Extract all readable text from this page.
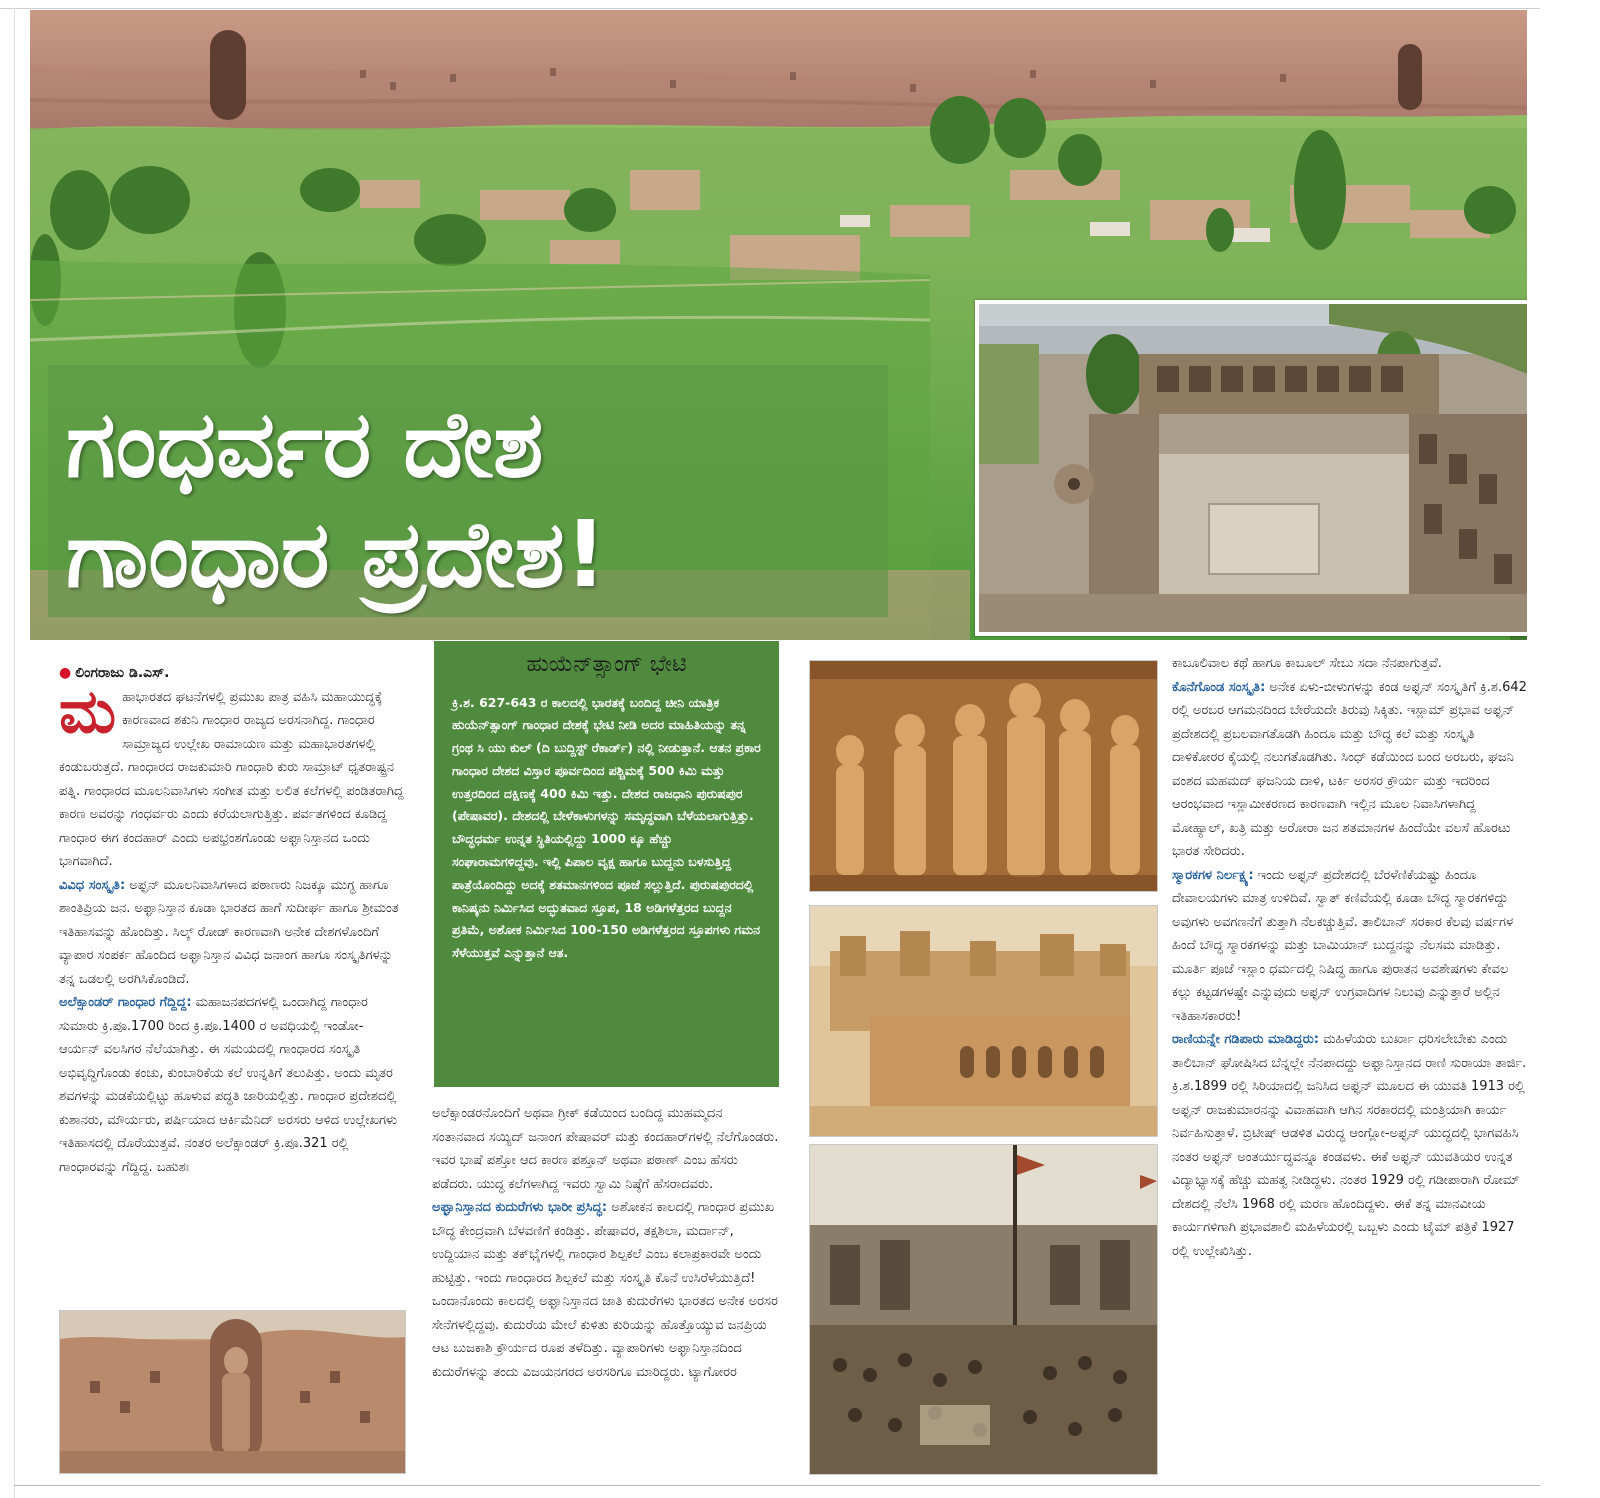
ಗಂಧರ್ವರ ದೇಶ
ಗಾಂಧಾರ ಪ್ರದೇಶ!

● ಲಿಂಗರಾಜು ಡಿ.ಎಸ್.

ಮಹಾಭಾರತದ ಘಟನೆಗಳಲ್ಲಿ ಪ್ರಮುಖ ಪಾತ್ರ ವಹಿಸಿ ಮಹಾಯುದ್ಧಕ್ಕೆ ಕಾರಣವಾದ ಶಕುನಿ ಗಾಂಧಾರ ರಾಜ್ಯದ ಅರಸನಾಗಿದ್ದ. ಗಾಂಧಾರ ಸಾಮ್ರಾಜ್ಯದ ಉಲ್ಲೇಖ ರಾಮಾಯಣ ಮತ್ತು ಮಹಾಭಾರತಗಳಲ್ಲಿ ಕಂಡುಬರುತ್ತದೆ. ಗಾಂಧಾರದ ರಾಜಕುಮಾರಿ ಗಾಂಧಾರಿ ಕುರು ಸಾಮ್ರಾಟ್ ಧೃತರಾಷ್ಟ್ರನ ಪತ್ನಿ. ಗಾಂಧಾರದ ಮೂಲನಿವಾಸಿಗಳು ಸಂಗೀತ ಮತ್ತು ಲಲಿತ ಕಲೆಗಳಲ್ಲಿ ಪಂಡಿತರಾಗಿದ್ದ ಕಾರಣ ಅವರನ್ನು ಗಂಧರ್ವರು ಎಂದು ಕರೆಯಲಾಗುತ್ತಿತ್ತು. ಪರ್ವತಗಳಿಂದ ಕೂಡಿದ್ದ ಗಾಂಧಾರ ಈಗ ಕಂದಹಾರ್ ಎಂದು ಅಪಭ್ರಂಶಗೊಂಡು ಅಫ್ಘಾನಿಸ್ತಾನದ ಒಂದು ಭಾಗವಾಗಿದೆ.

ವಿವಿಧ ಸಂಸ್ಕೃತಿ: ಅಫ್ಘನ್ ಮೂಲನಿವಾಸಿಗಳಾದ ಪಠಾಣರು ನಿಜಕ್ಕೂ ಮುಗ್ಧ ಹಾಗೂ ಶಾಂತಿಪ್ರಿಯ ಜನ. ಅಫ್ಘಾನಿಸ್ತಾನ ಕೂಡಾ ಭಾರತದ ಹಾಗೆ ಸುದೀರ್ಘ ಹಾಗೂ ಶ್ರೀಮಂತ ಇತಿಹಾಸವನ್ನು ಹೊಂದಿತ್ತು. ಸಿಲ್ಕ್ ರೋಡ್ ಕಾರಣವಾಗಿ ಅನೇಕ ದೇಶಗಳೊಂದಿಗೆ ವ್ಯಾಪಾರ ಸಂಪರ್ಕ ಹೊಂದಿದ ಅಫ್ಘಾನಿಸ್ತಾನ ವಿವಿಧ ಜನಾಂಗ ಹಾಗೂ ಸಂಸ್ಕೃತಿಗಳನ್ನು ತನ್ನ ಒಡಲಲ್ಲಿ ಅರಗಿಸಿಕೊಂಡಿದೆ.

ಅಲೆಕ್ಸಾಂಡರ್ ಗಾಂಧಾರ ಗೆದ್ದಿದ್ದ: ಮಹಾಜನಪದಗಳಲ್ಲಿ ಒಂದಾಗಿದ್ದ ಗಾಂಧಾರ ಸುಮಾರು ಕ್ರಿ.ಪೂ.1700 ರಿಂದ ಕ್ರಿ.ಪೂ.1400 ರ ಅವಧಿಯಲ್ಲಿ ಇಂಡೋ-ಆರ್ಯನ್ ವಲಸಿಗರ ನೆಲೆಯಾಗಿತ್ತು. ಈ ಸಮಯದಲ್ಲಿ ಗಾಂಧಾರದ ಸಂಸ್ಕೃತಿ ಅಭಿವೃದ್ಧಿಗೊಂಡು ಕಂಚು, ಕುಂಬಾರಿಕೆಯ ಕಲೆ ಉನ್ನತಿಗೆ ತಲುಪಿತ್ತು. ಅಂದು ಮೃತರ ಶವಗಳನ್ನು ಮಡಕೆಯಲ್ಲಿಟ್ಟು ಹೂಳುವ ಪದ್ಧತಿ ಜಾರಿಯಲ್ಲಿತ್ತು. ಗಾಂಧಾರ ಪ್ರದೇಶದಲ್ಲಿ ಕುಶಾನರು, ಮೌರ್ಯರು, ಪರ್ಷಿಯಾದ ಆರ್ಕಿಮೆನಿದ್ ಅರಸರು ಆಳಿದ ಉಲ್ಲೇಖಗಳು ಇತಿಹಾಸದಲ್ಲಿ ದೊರೆಯುತ್ತವೆ. ನಂತರ ಅಲೆಕ್ಸಾಂಡರ್ ಕ್ರಿ.ಪೂ.321 ರಲ್ಲಿ ಗಾಂಧಾರವನ್ನು ಗೆದ್ದಿದ್ದ. ಬಹುಶಃ

ಹುಯೆನ್‌ತ್ಸಾಂಗ್ ಭೇಟಿ

ಕ್ರಿ.ಶ. 627-643 ರ ಕಾಲದಲ್ಲಿ ಭಾರತಕ್ಕೆ ಬಂದಿದ್ದ ಚೀನಿ ಯಾತ್ರಿಕ ಹುಯೆನ್‌ತ್ಸಾಂಗ್ ಗಾಂಧಾರ ದೇಶಕ್ಕೆ ಭೇಟಿ ನೀಡಿ ಅದರ ಮಾಹಿತಿಯನ್ನು ತನ್ನ ಗ್ರಂಥ ಸಿ ಯು ಕುಲ್ (ದಿ ಬುದ್ದಿಸ್ಟ್ ರೆಕಾರ್ಡ್) ನಲ್ಲಿ ನೀಡುತ್ತಾನೆ. ಆತನ ಪ್ರಕಾರ ಗಾಂಧಾರ ದೇಶದ ವಿಸ್ತಾರ ಪೂರ್ವದಿಂದ ಪಶ್ಚಿಮಕ್ಕೆ 500 ಕಿಮಿ ಮತ್ತು ಉತ್ತರದಿಂದ ದಕ್ಷಿಣಕ್ಕೆ 400 ಕಿಮಿ ಇತ್ತು. ದೇಶದ ರಾಜಧಾನಿ ಪುರುಷಪುರ (ಪೇಷಾವರ). ದೇಶದಲ್ಲಿ ಬೇಳೆಕಾಳುಗಳನ್ನು ಸಮೃದ್ಧವಾಗಿ ಬೆಳೆಯಲಾಗುತ್ತಿತ್ತು. ಬೌದ್ಧಧರ್ಮ ಉನ್ನತ ಸ್ಥಿತಿಯಲ್ಲಿದ್ದು 1000 ಕ್ಕೂ ಹೆಚ್ಚು ಸಂಘಾರಾಮಗಳಿದ್ದವು. ಇಲ್ಲಿ ಪಿಪಾಲ ವೃಕ್ಷ ಹಾಗೂ ಬುದ್ದನು ಬಳಸುತ್ತಿದ್ದ ಪಾತ್ರೆಯೊಂದಿದ್ದು ಅದಕ್ಕೆ ಶತಮಾನಗಳಿಂದ ಪೂಜೆ ಸಲ್ಲುತ್ತಿದೆ. ಪುರುಷಪುರದಲ್ಲಿ ಕಾನಿಷ್ಕನು ನಿರ್ಮಿಸಿದ ಅದ್ಭುತವಾದ ಸ್ತೂಪ, 18 ಅಡಿಗಳೆತ್ತರದ ಬುದ್ದನ ಪ್ರತಿಮೆ, ಅಶೋಕ ನಿರ್ಮಿಸಿದ 100-150 ಅಡಿಗಳೆತ್ತರದ ಸ್ತೂಪಗಳು ಗಮನ ಸೆಳೆಯುತ್ತವೆ ಎನ್ನುತ್ತಾನೆ ಆತ.

ಅಲೆಕ್ಸಾಂಡರನೊಂದಿಗೆ ಅಥವಾ ಗ್ರೀಕ್ ಕಡೆಯಿಂದ ಬಂದಿದ್ದ ಮುಹಮ್ಮದನ ಸಂತಾನವಾದ ಸಯ್ಯಿದ್ ಜನಾಂಗ ಪೇಷಾವರ್ ಮತ್ತು ಕಂದಹಾರ್‌ಗಳಲ್ಲಿ ನೆಲೆಗೊಂಡರು. ಇವರ ಭಾಷೆ ಪಶ್ತೋ ಆದ ಕಾರಣ ಪಶ್ತೂನ್ ಅಥವಾ ಪಠಾಣ್ ಎಂಬ ಹೆಸರು ಪಡೆದರು. ಯುದ್ಧ ಕಲೆಗಳಾಗಿದ್ದ ಇವರು ಸ್ವಾಮಿ ನಿಷ್ಠೆಗೆ ಹೆಸರಾದವರು.

ಅಫ್ಘಾನಿಸ್ತಾನದ ಕುದುರೆಗಳು ಭಾರೀ ಪ್ರಸಿದ್ಧ: ಅಶೋಕನ ಕಾಲದಲ್ಲಿ ಗಾಂಧಾರ ಪ್ರಮುಖ ಬೌದ್ಧ ಕೇಂದ್ರವಾಗಿ ಬೆಳವಣಿಗೆ ಕಂಡಿತ್ತು. ಪೇಷಾವರ, ತಕ್ಷಶಿಲಾ, ಮರ್ದಾನ್, ಉದ್ದಿಯಾನ ಮತ್ತು ತಕ್‌ಭೈಗಳಲ್ಲಿ ಗಾಂಧಾರ ಶಿಲ್ಪಕಲೆ ಎಂಬ ಕಲಾಪ್ರಕಾರವೇ ಅಂದು ಹುಟ್ಟಿತ್ತು. ಇಂದು ಗಾಂಧಾರದ ಶಿಲ್ಪಕಲೆ ಮತ್ತು ಸಂಸ್ಕೃತಿ ಕೊನೆ ಉಸಿರೆಳೆಯುತ್ತಿದೆ! ಒಂದಾನೊಂದು ಕಾಲದಲ್ಲಿ ಅಫ್ಘಾನಿಸ್ತಾನದ ಜಾತಿ ಕುದುರೆಗಳು ಭಾರತದ ಅನೇಕ ಅರಸರ ಸೇನೆಗಳಲ್ಲಿದ್ದವು. ಕುದುರೆಯ ಮೇಲೆ ಕುಳಿತು ಕುರಿಯನ್ನು ಹೊತ್ತೊಯ್ಯುವ ಜನಪ್ರಿಯ ಆಟ ಬುಜಕಾಶಿ ಕ್ರೌರ್ಯದ ರೂಪ ತಳೆದಿತ್ತು. ವ್ಯಾಪಾರಿಗಳು ಅಫ್ಘಾನಿಸ್ತಾನದಿಂದ ಕುದುರೆಗಳನ್ನು ತಂದು ವಿಜಯನಗರದ ಅರಸರಿಗೂ ಮಾರಿದ್ದರು. ಟ್ಯಾಗೋರರ

ಕಾಬೂಲಿವಾಲ ಕಥೆ ಹಾಗೂ ಕಾಬೂಲ್ ಸೇಬು ಸದಾ ನೆನಪಾಗುತ್ತವೆ.

ಕೊನೆಗೊಂಡ ಸಂಸ್ಕೃತಿ: ಅನೇಕ ಏಳು-ಬೀಳುಗಳನ್ನು ಕಂಡ ಅಫ್ಘನ್ ಸಂಸ್ಕೃತಿಗೆ ಕ್ರಿ.ಶ.642 ರಲ್ಲಿ ಅರಬರ ಆಗಮನದಿಂದ ಬೇರೆಯದೇ ತಿರುವು ಸಿಕ್ಕಿತು. ಇಸ್ಲಾಮ್ ಪ್ರಭಾವ ಅಫ್ಘನ್ ಪ್ರದೇಶದಲ್ಲಿ ಪ್ರಬಲವಾಗತೊಡಗಿ ಹಿಂದೂ ಮತ್ತು ಬೌದ್ಧ ಕಲೆ ಮತ್ತು ಸಂಸ್ಕೃತಿ ದಾಳಿಕೋರರ ಕೈಯಲ್ಲಿ ನಲುಗತೊಡಗಿತು. ಸಿಂಧ್ ಕಡೆಯಿಂದ ಬಂದ ಅರಬರು, ಘಜನಿ ವಂಶದ ಮಹಮದ್ ಘಜನಿಯ ದಾಳಿ, ಟರ್ಕಿ ಅರಸರ ಕ್ರೌರ್ಯ ಮತ್ತು ಇದರಿಂದ ಆರಂಭವಾದ ಇಸ್ಲಾಮೀಕರಣದ ಕಾರಣವಾಗಿ ಇಲ್ಲಿನ ಮೂಲ ನಿವಾಸಿಗಳಾಗಿದ್ದ ಮೋಹ್ಯಾಲ್, ಖತ್ರಿ ಮತ್ತು ಅರೋರಾ ಜನ ಶತಮಾನಗಳ ಹಿಂದೆಯೇ ವಲಸೆ ಹೊರಟು ಭಾರತ ಸೇರಿದರು.

ಸ್ಮಾರಕಗಳ ನಿರ್ಲಕ್ಷ್ಯ: ಇಂದು ಅಫ್ಘನ್ ಪ್ರದೇಶದಲ್ಲಿ ಬೆರಳೆಣಿಕೆಯಷ್ಟು ಹಿಂದೂ ದೇವಾಲಯಗಳು ಮಾತ್ರ ಉಳಿದಿವೆ. ಸ್ವಾತ್ ಕಣಿವೆಯಲ್ಲಿ ಕೂಡಾ ಬೌದ್ಧ ಸ್ಮಾರಕಗಳಿದ್ದು ಅವುಗಳು ಅವಗಣನೆಗೆ ತುತ್ತಾಗಿ ನೆಲಕಚ್ಚುತ್ತಿವೆ. ತಾಲಿಬಾನ್ ಸರಕಾರ ಕೆಲವು ವರ್ಷಗಳ ಹಿಂದೆ ಬೌದ್ಧ ಸ್ಮಾರಕಗಳನ್ನು ಮತ್ತು ಬಾಮಿಯಾನ್ ಬುದ್ದನನ್ನು ನೆಲಸಮ ಮಾಡಿತ್ತು. ಮೂರ್ತಿ ಪೂಜೆ ಇಸ್ಲಾಂ ಧರ್ಮದಲ್ಲಿ ನಿಷಿದ್ಧ ಹಾಗೂ ಪುರಾತನ ಅವಶೇಷಗಳು ಕೇವಲ ಕಲ್ಲು ಕಟ್ಟಡಗಳಷ್ಟೇ ಎನ್ನುವುದು ಅಫ್ಘನ್ ಉಗ್ರವಾದಿಗಳ ನಿಲುವು ಎನ್ನುತ್ತಾರೆ ಅಲ್ಲಿನ ಇತಿಹಾಸಕಾರರು!

ರಾಣಿಯನ್ನೇ ಗಡಿಪಾರು ಮಾಡಿದ್ದರು: ಮಹಿಳೆಯರು ಬುರ್ಖಾ ಧರಿಸಲೇಬೇಕು ಎಂದು ತಾಲಿಬಾನ್ ಘೋಷಿಸಿದ ಬೆನ್ನಲ್ಲೇ ನೆನಪಾದದ್ದು ಅಫ್ಘಾನಿಸ್ತಾನದ ರಾಣಿ ಸುರಾಯಾ ತಾರ್ಜಿ. ಕ್ರಿ.ಶ.1899 ರಲ್ಲಿ ಸಿರಿಯಾದಲ್ಲಿ ಜನಿಸಿದ ಅಫ್ಘನ್ ಮೂಲದ ಈ ಯುವತಿ 1913 ರಲ್ಲಿ ಅಫ್ಘನ್ ರಾಜಕುಮಾರನನ್ನು ವಿವಾಹವಾಗಿ ಆಗಿನ ಸರಕಾರದಲ್ಲಿ ಮಂತ್ರಿಯಾಗಿ ಕಾರ್ಯ ನಿರ್ವಹಿಸುತ್ತಾಳೆ. ಬ್ರಿಟೀಷ್ ಆಡಳಿತ ವಿರುದ್ಧ ಆಂಗ್ಲೋ-ಅಫ್ಘನ್ ಯುದ್ಧದಲ್ಲಿ ಭಾಗವಹಿಸಿ ನಂತರ ಅಫ್ಘನ್ ಅಂತರ್ಯುದ್ಧವನ್ನೂ ಕಂಡವಳು. ಈಕೆ ಅಫ್ಘನ್ ಯುವತಿಯರ ಉನ್ನತ ವಿದ್ಯಾಭ್ಯಾಸಕ್ಕೆ ಹೆಚ್ಚು ಮಹತ್ವ ನೀಡಿದ್ದಳು. ನಂತರ 1929 ರಲ್ಲಿ ಗಡೀಪಾರಾಗಿ ರೋಮ್ ದೇಶದಲ್ಲಿ ನೆಲೆಸಿ 1968 ರಲ್ಲಿ ಮರಣ ಹೊಂದಿದ್ದಳು. ಈಕೆ ತನ್ನ ಮಾನವೀಯ ಕಾರ್ಯಗಳಿಗಾಗಿ ಪ್ರಭಾವಶಾಲಿ ಮಹಿಳೆಯರಲ್ಲಿ ಒಬ್ಬಳು ಎಂದು ಟೈಮ್ ಪತ್ರಿಕೆ 1927 ರಲ್ಲಿ ಉಲ್ಲೇಖಿಸಿತ್ತು.
